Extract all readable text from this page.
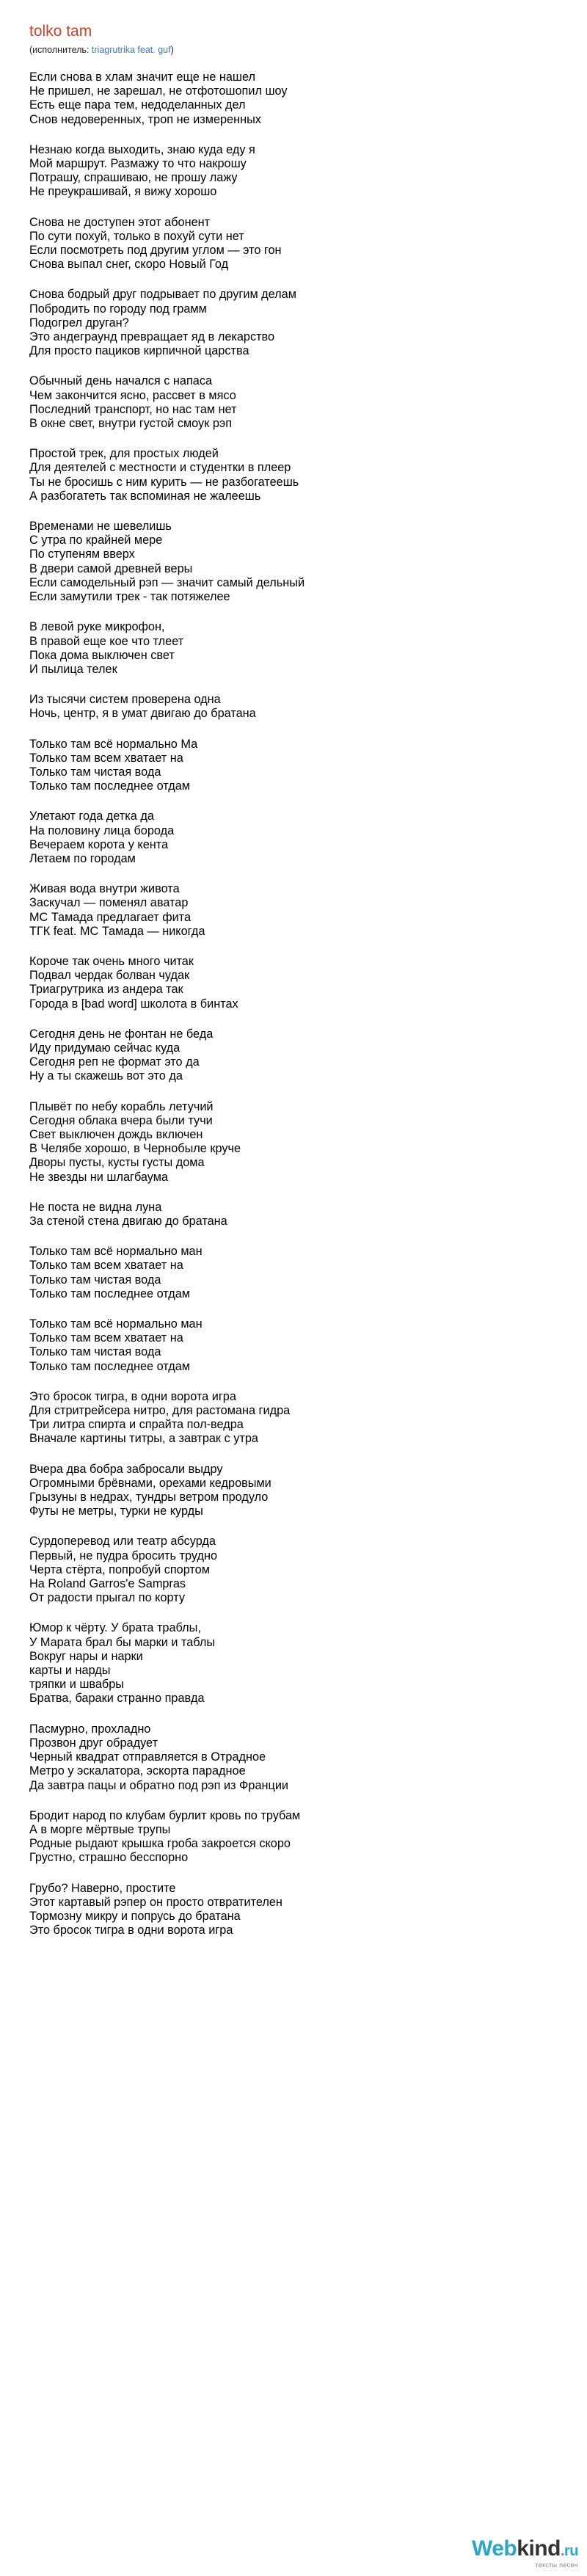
tolko tam
(исполнитель: triagrutrika feat. guf)
Если снова в хлам значит еще не нашел
Не пришел, не зарешал, не отфотошопил шоу
Есть еще пара тем, недоделанных дел
Снов недоверенных, троп не измеренных
Незнаю когда выходить, знаю куда еду я
Мой маршрут. Размажу то что накрошу
Потрашу, спрашиваю, не прошу лажу
Не преукрашивай, я вижу хорошо
Снова не доступен этот абонент
По сути похуй, только в похуй сути нет
Если посмотреть под другим углом — это гон
Снова выпал снег, скоро Новый Год
Снова бодрый друг подрывает по другим делам
Побродить по городу под грамм
Подогрел друган?
Это андеграунд превращает яд в лекарство
Для просто пациков кирпичной царства
Обычный день начался с напаса
Чем закончится ясно, рассвет в мясо
Последний транспорт, но нас там нет
В окне свет, внутри густой смоук рэп
Простой трек, для простых людей
Для деятелей с местности и студентки в плеер
Ты не бросишь с ним курить — не разбогатеешь
А разбогатеть так вспоминая не жалеешь
Временами не шевелишь
С утра по крайней мере
По ступеням вверх
В двери самой древней веры
Если самодельный рэп — значит самый дельный
Если замутили трек - так потяжелее
В левой руке микрофон,
В правой еще кое что тлеет
Пока дома выключен свет
И пылица телек
Из тысячи систем проверена одна
Ночь, центр, я в умат двигаю до братана
Только там всё нормально Ма
Только там всем хватает на
Только там чистая вода
Только там последнее отдам
Улетают года детка да
На половину лица борода
Вечераем корота у кента
Летаем по городам
Живая вода внутри живота
Заскучал — поменял аватар
MC Тамада предлагает фита
ТГК feat. MC Тамада — никогда
Короче так очень много читак
Подвал чердак болван чудак
Триагрутрика из андера так
Города в [bad word] школота в бинтах
Сегодня день не фонтан не беда
Иду придумаю сейчас куда
Сегодня реп не формат это да
Ну а ты скажешь вот это да
Плывёт по небу корабль летучий
Сегодня облака вчера были тучи
Свет выключен дождь включен
В Челябе хорошо, в Чернобыле круче
Дворы пусты, кусты густы дома
Не звезды ни шлагбаума
Не поста не видна луна
За стеной стена двигаю до братана
Только там всё нормально ман
Только там всем хватает на
Только там чистая вода
Только там последнее отдам
Только там всё нормально ман
Только там всем хватает на
Только там чистая вода
Только там последнее отдам
Это бросок тигра, в одни ворота игра
Для стритрейсера нитро, для растомана гидра
Три литра спирта и спрайта пол-ведра
Вначале картины титры, а завтрак с утра
Вчера два бобра забросали выдру
Огромными брёвнами, орехами кедровыми
Грызуны в недрах, тундры ветром продуло
Футы не метры, турки не курды
Сурдоперевод или театр абсурда
Первый, не пудра бросить трудно
Черта стёрта, попробуй спортом
На Roland Garros'e Sampras
От радости прыгал по корту
Юмор к чёрту. У брата траблы,
У Марата брал бы марки и таблы
Вокруг нары и нарки
карты и нарды
тряпки и швабры
Братва, бараки странно правда
Пасмурно, прохладно
Прозвон друг обрадует
Черный квадрат отправляется в Отрадное
Метро у эскалатора, эскорта парадное
Да завтра пацы и обратно под рэп из Франции
Бродит народ по клубам бурлит кровь по трубам
А в морге мёртвые трупы
Родные рыдают крышка гроба закроется скоро
Грустно, страшно бесспорно
Грубо? Наверно, простите
Этот картавый рэпер он просто отвратителен
Тормозну микру и попрусь до братана
Это бросок тигра в одни ворота игра
Webkind.ru
тексты песен
